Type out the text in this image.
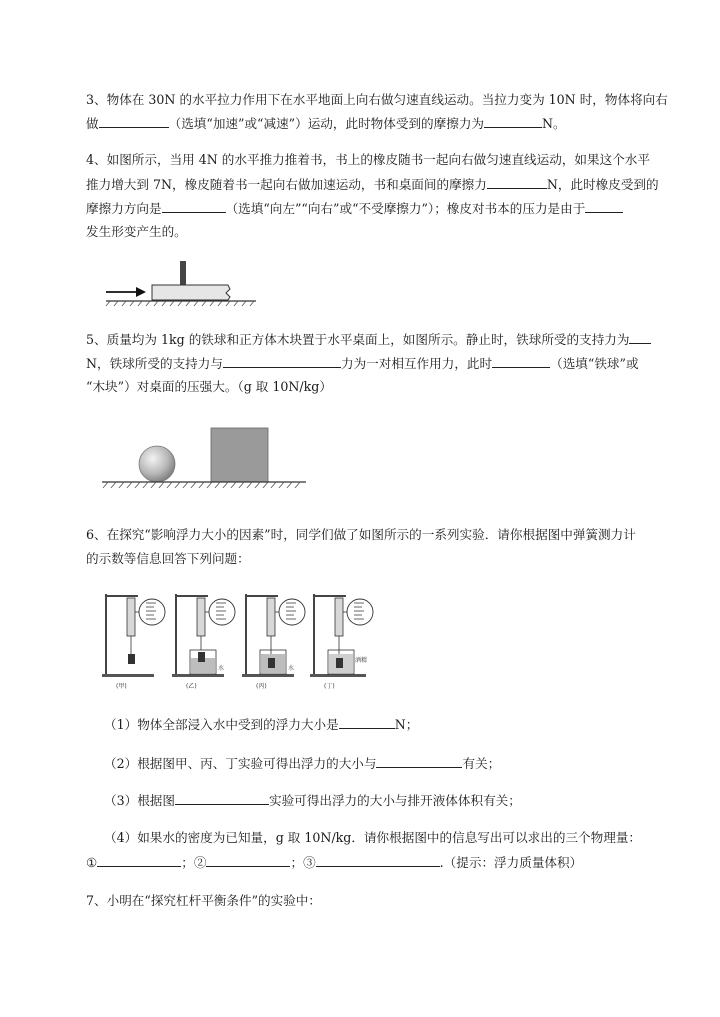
3、物体在 30N 的水平拉力作用下在水平地面上向右做匀速直线运动。当拉力变为 10N 时，物体将向右
做	（选填“加速”或“减速”）运动，此时物体受到的摩擦力为	N。
4、如图所示，当用 4N 的水平推力推着书，书上的橡皮随书一起向右做匀速直线运动，如果这个水平
推力增大到 7N，橡皮随着书一起向右做加速运动，书和桌面间的摩擦力	N，此时橡皮受到的
摩擦力方向是	（选填“向左”“向右”或“不受摩擦力”）；橡皮对书本的压力是由于
发生形变产生的。
5、质量均为 1kg 的铁球和正方体木块置于水平桌面上，如图所示。静止时，铁球所受的支持力为
N，铁球所受的支持力与	力为一对相互作用力，此时	（选填“铁球”或
“木块”）对桌面的压强大。（g 取 10N/kg）
6、在探究“影响浮力大小的因素”时，同学们做了如图所示的一系列实验．请你根据图中弹簧测力计
的示数等信息回答下列问题：
(甲)
水
(乙)
水
(丙)
酒精
(丁)
（1）物体全部浸入水中受到的浮力大小是	N；
（2）根据图甲、丙、丁实验可得出浮力的大小与	有关；
（3）根据图	实验可得出浮力的大小与排开液体体积有关；
（4）如果水的密度为已知量，g 取 10N/kg．请你根据图中的信息写出可以求出的三个物理量：
①	；②	；③	.（提示：浮力质量体积）
7、小明在“探究杠杆平衡条件”的实验中：
